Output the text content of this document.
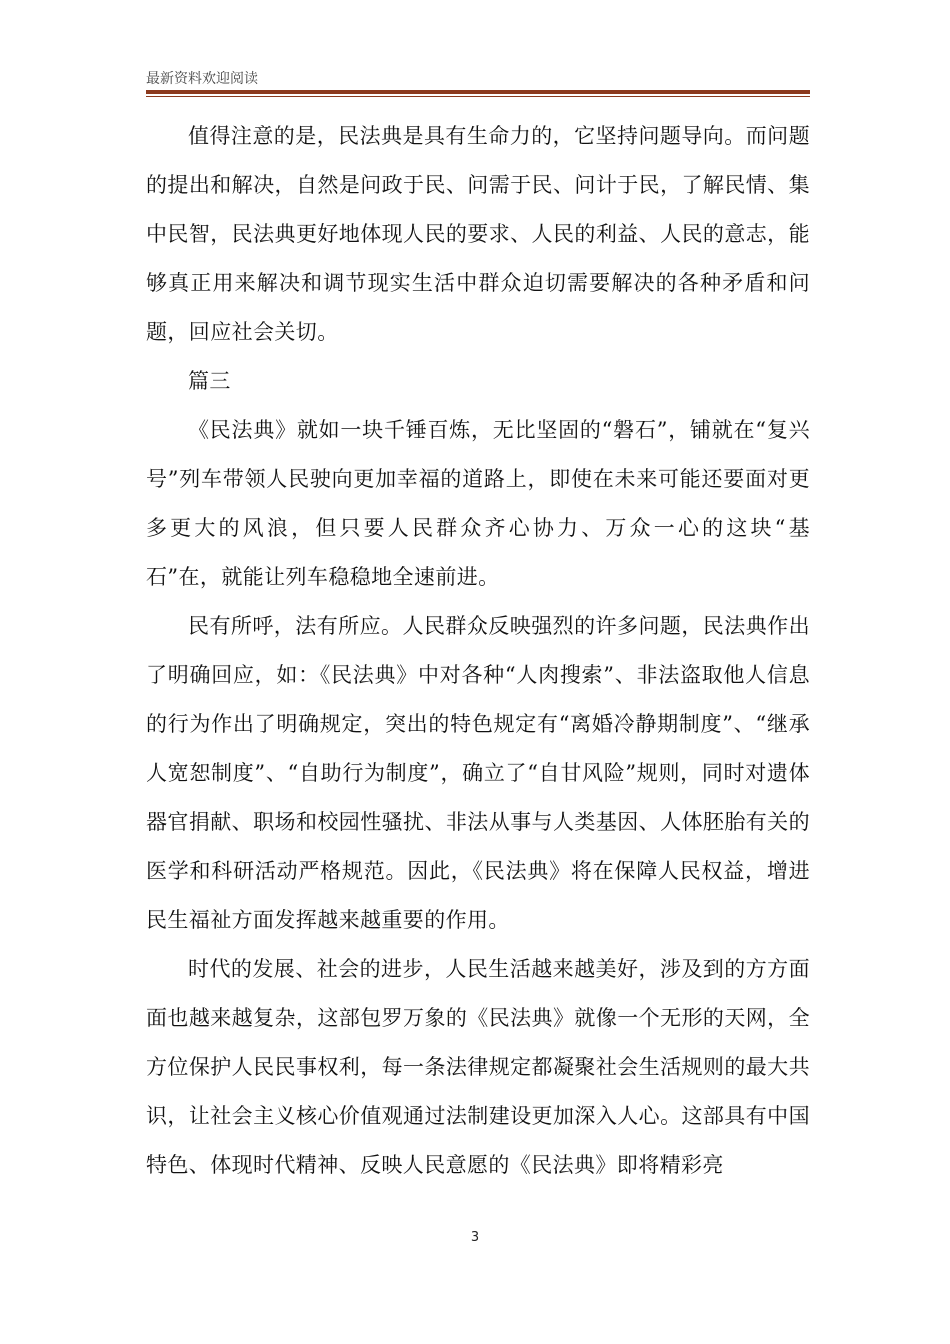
最新资料欢迎阅读

值得注意的是，民法典是具有生命力的，它坚持问题导向。而问题的提出和解决，自然是问政于民、问需于民、问计于民，了解民情、集中民智，民法典更好地体现人民的要求、人民的利益、人民的意志，能够真正用来解决和调节现实生活中群众迫切需要解决的各种矛盾和问题，回应社会关切。

篇三

《民法典》就如一块千锤百炼，无比坚固的“磐石”，铺就在“复兴号”列车带领人民驶向更加幸福的道路上，即使在未来可能还要面对更多更大的风浪，但只要人民群众齐心协力、万众一心的这块“基石”在，就能让列车稳稳地全速前进。

民有所呼，法有所应。人民群众反映强烈的许多问题，民法典作出了明确回应，如：《民法典》中对各种“人肉搜索”、非法盗取他人信息的行为作出了明确规定，突出的特色规定有“离婚冷静期制度”、“继承人宽恕制度”、“自助行为制度”，确立了“自甘风险”规则，同时对遗体器官捐献、职场和校园性骚扰、非法从事与人类基因、人体胚胎有关的医学和科研活动严格规范。因此，《民法典》将在保障人民权益，增进民生福祉方面发挥越来越重要的作用。

时代的发展、社会的进步，人民生活越来越美好，涉及到的方方面面也越来越复杂，这部包罗万象的《民法典》就像一个无形的天网，全方位保护人民民事权利，每一条法律规定都凝聚社会生活规则的最大共识，让社会主义核心价值观通过法制建设更加深入人心。这部具有中国特色、体现时代精神、反映人民意愿的《民法典》即将精彩亮

3
